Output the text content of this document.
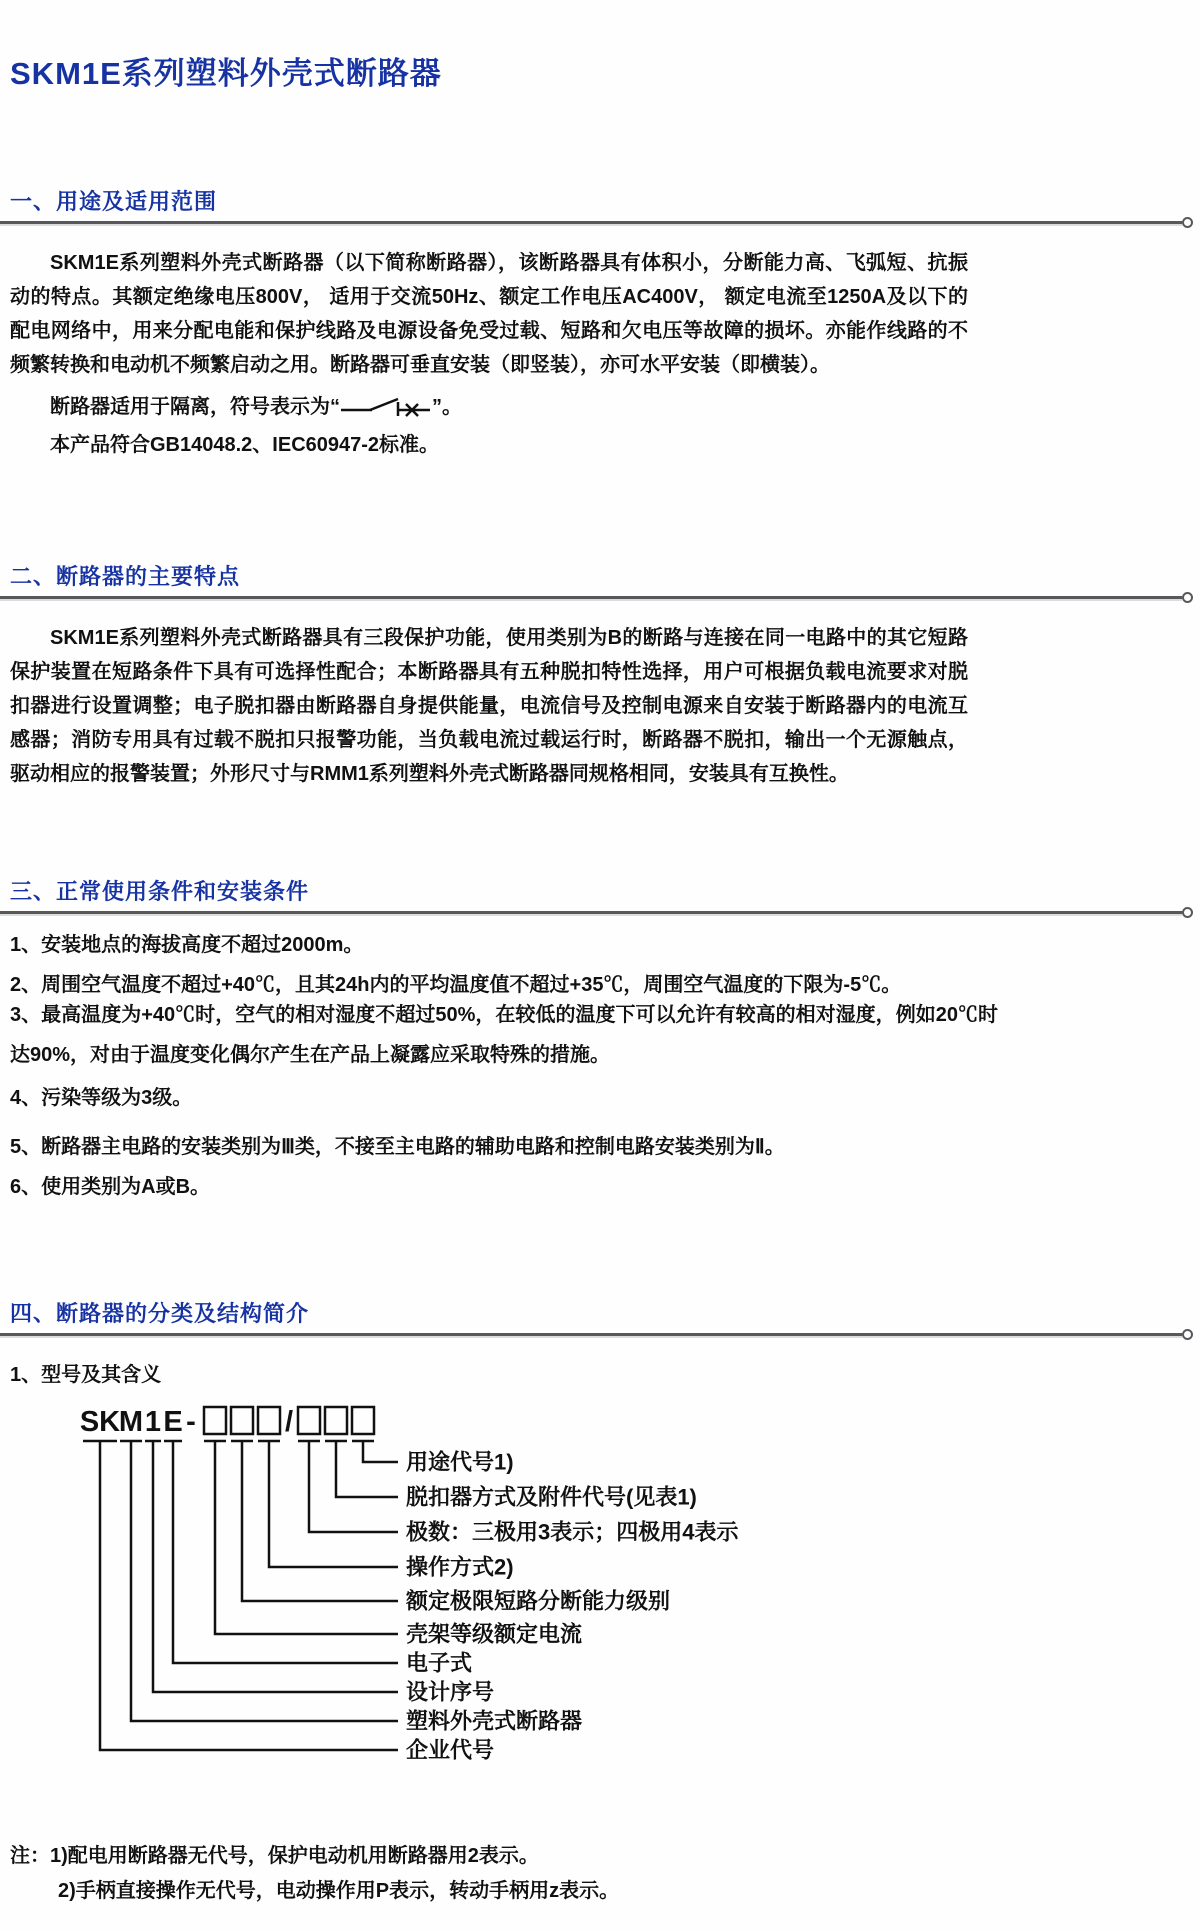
SKM1E系列塑料外壳式断路器
一、用途及适用范围
SKM1E系列塑料外壳式断路器（以下简称断路器），该断路器具有体积小，分断能力高、飞弧短、抗振动的特点。其额定绝缘电压800V， 适用于交流50Hz、额定工作电压AC400V， 额定电流至1250A及以下的配电网络中，用来分配电能和保护线路及电源设备免受过载、短路和欠电压等故障的损坏。亦能作线路的不频繁转换和电动机不频繁启动之用。断路器可垂直安装（即竖装），亦可水平安装（即横装）。
断路器适用于隔离，符号表示为“	”。
本产品符合GB14048.2、IEC60947-2标准。
二、断路器的主要特点
SKM1E系列塑料外壳式断路器具有三段保护功能，使用类别为B的断路与连接在同一电路中的其它短路保护装置在短路条件下具有可选择性配合；本断路器具有五种脱扣特性选择，用户可根据负载电流要求对脱扣器进行设置调整；电子脱扣器由断路器自身提供能量，电流信号及控制电源来自安装于断路器内的电流互感器；消防专用具有过载不脱扣只报警功能，当负载电流过载运行时，断路器不脱扣，输出一个无源触点，驱动相应的报警装置；外形尺寸与RMM1系列塑料外壳式断路器同规格相同，安装具有互换性。
三、正常使用条件和安装条件
1、安装地点的海拔高度不超过2000m。
2、周围空气温度不超过+40℃，且其24h内的平均温度值不超过+35℃，周围空气温度的下限为-5℃。
3、最高温度为+40℃时，空气的相对湿度不超过50%，在较低的温度下可以允许有较高的相对湿度，例如20℃时达90%，对由于温度变化偶尔产生在产品上凝露应采取特殊的措施。
4、污染等级为3级。
5、断路器主电路的安装类别为Ⅲ类，不接至主电路的辅助电路和控制电路安装类别为Ⅱ。
6、使用类别为A或B。
四、断路器的分类及结构简介
1、型号及其含义
SK
M 1 E -	/
用途代号1)
脱扣器方式及附件代号(见表1)
极数：三极用3表示；四极用4表示
操作方式2)
额定极限短路分断能力级别
壳架等级额定电流
电子式
设计序号
塑料外壳式断路器
企业代号
注：1)配电用断路器无代号，保护电动机用断路器用2表示。
2)手柄直接操作无代号，电动操作用P表示，转动手柄用z表示。
